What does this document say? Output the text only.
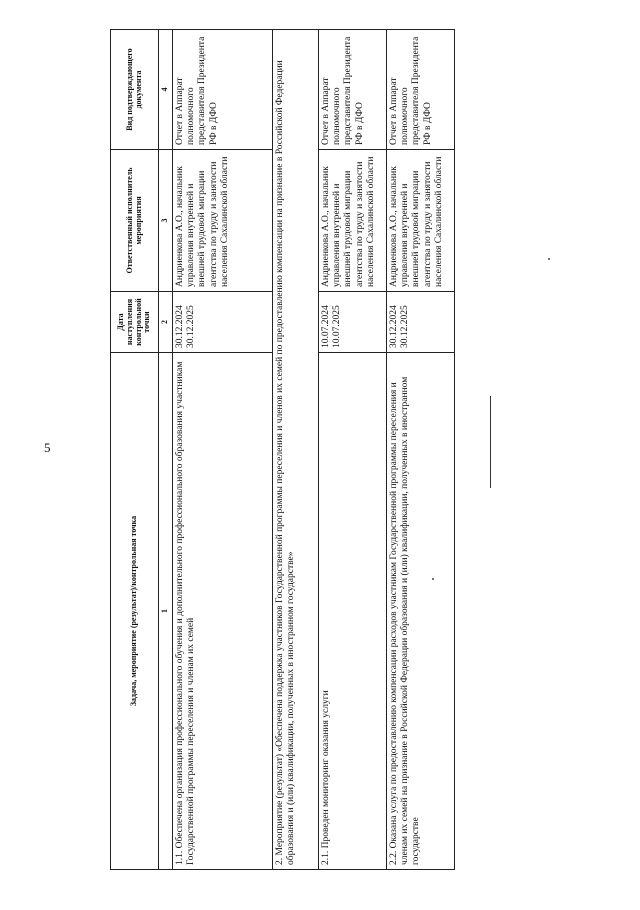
5
Задача, мероприятие (результат)/контрольная точка	Дата наступления контрольной точки	Ответственный исполнитель мероприятия	Вид подтверждающего документа
1	2	3	4
1.1. Обеспечена организация профессионального обучения и дополнительного профессионального образования участникам Государственной программы переселения и членам их семей	30.12.2024 30.12.2025	Андриенкова А.О., начальник управления внутренней и внешней трудовой миграции агентства по труду и занятости населения Сахалинской области	Отчет в Аппарат полномочного представителя Президента РФ в ДФО
2. Мероприятие (результат) «Обеспечена поддержка участников Государственной программы переселения и членов их семей по предоставлению компенсации на признание в Российской Федерации образования и (или) квалификации, полученных в иностранном государстве»			
2.1. Проведен мониторинг оказания услуги	10.07.2024 10.07.2025	Андриенкова А.О., начальник управления внутренней и внешней трудовой миграции агентства по труду и занятости населения Сахалинской области	Отчет в Аппарат полномочного представителя Президента РФ в ДФО
2.2. Оказана услуга по предоставлению компенсации расходов участникам Государственной программы переселения и членам их семей на признание в Российской Федерации образования и (или) квалификации, полученных в иностранном государстве	30.12.2024 30.12.2025	Андриенкова А.О., начальник управления внутренней и внешней трудовой миграции агентства по труду и занятости населения Сахалинской области	Отчет в Аппарат полномочного представителя Президента РФ в ДФО
